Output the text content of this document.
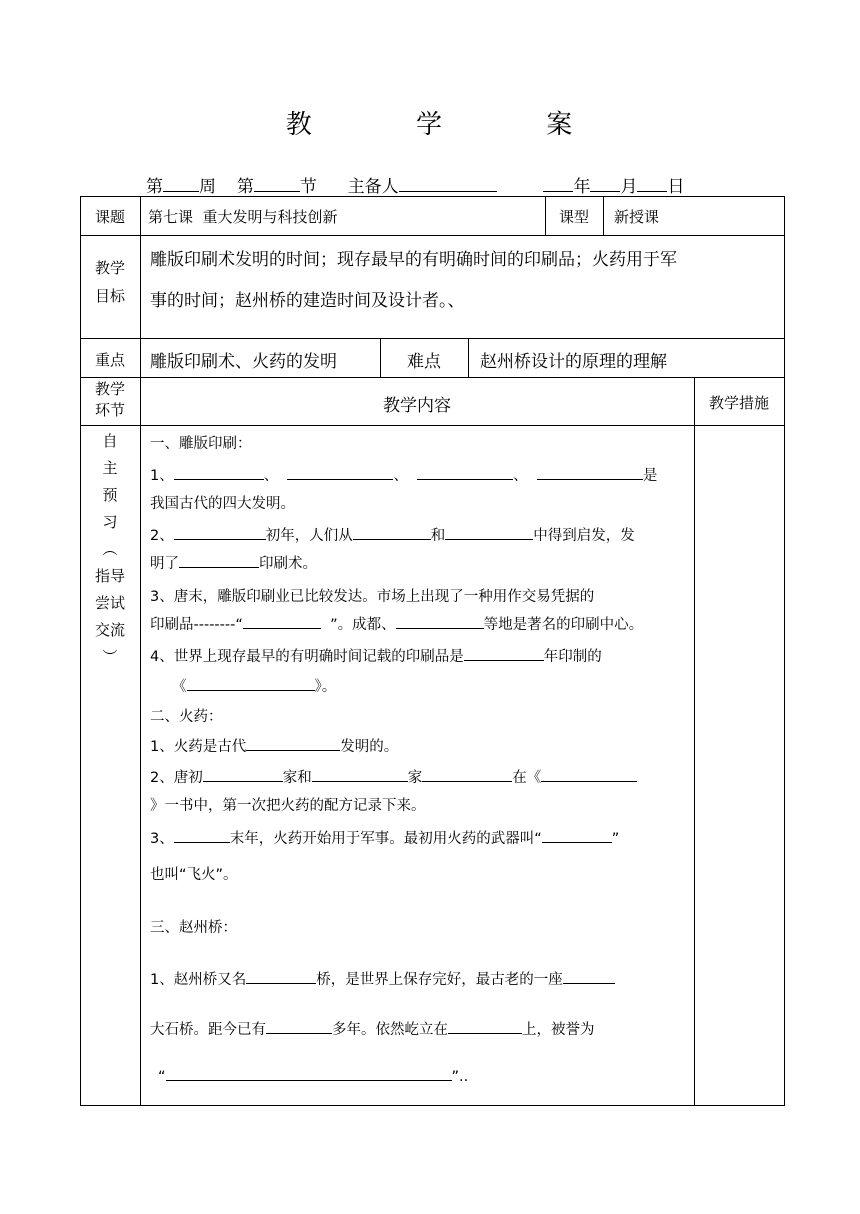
教	学	案
第 周 第	节 主备人	年 月 日
课题	第七课  重大发明与科技创新	课型	新授课
教学
目标
雕版印刷术发明的时间；现存最早的有明确时间的印刷品；火药用于军
事的时间；赵州桥的建造时间及设计者。、
重点	雕版印刷术、火药的发明	难点	赵州桥设计的原理的理解
教学
环节	教学内容	教学措施
自
主
预
习
︵
指导
尝试
交流
︶

一、雕版印刷：

1、	、	、	、	是

我国古代的四大发明。

2、	初年，人们从	和	中得到启发，发

明了	印刷术。

3、唐末，雕版印刷业已比较发达。市场上出现了一种用作交易凭据的

印刷品--------“	”。成都、	等地是著名的印刷中心。

4、世界上现存最早的有明确时间记载的印刷品是	年印制的

《	》。

二、火药：

1、火药是古代	发明的。

2、唐初	家和	家	在《

》一书中，第一次把火药的配方记录下来。

3、	末年，火药开始用于军事。最初用火药的武器叫“	”

也叫“飞火”。

三、赵州桥：

1、赵州桥又名	桥，是世界上保存完好，最古老的一座

大石桥。距今已有	多年。依然屹立在	上，被誉为

“	”..
